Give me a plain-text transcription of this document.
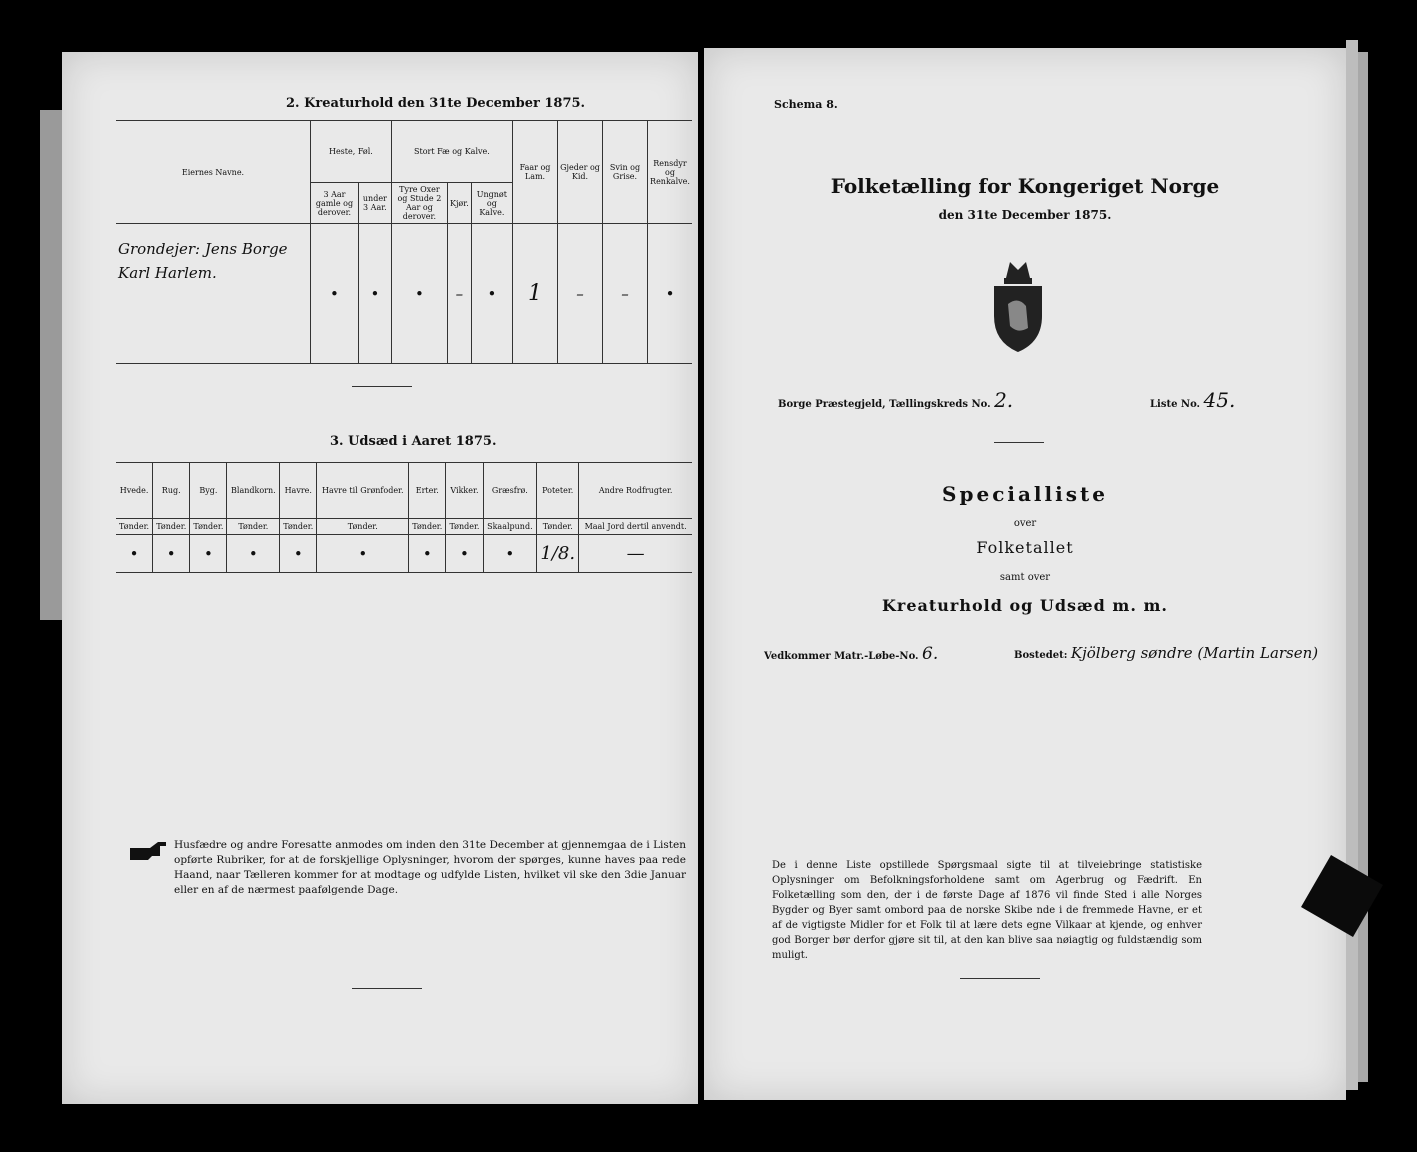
2. Kreaturhold den 31te December 1875.
Eiernes Navne.	Heste, Føl.		Stort Fæ og Kalve.			Faar og Lam.	Gjeder og Kid.	Svin og Grise.	Rensdyr og Renkalve.
	3 Aar gamle og derover.	under 3 Aar.	Tyre Oxer og Stude 2 Aar og derover.	Kjør.	Ungnøt og Kalve.				

Grondejer: Jens Borge
Karl Harlem.	•	•	•	–	•	1	–	–	•
3. Udsæd i Aaret 1875.
Hvede.	Rug.	Byg.	Blandkorn.	Havre.	Havre til Grønfoder.	Erter.	Vikker.	Græsfrø.	Poteter.	Andre Rodfrugter.
Tønder.	Tønder.	Tønder.	Tønder.	Tønder.	Tønder.	Tønder.	Tønder.	Skaalpund.	Tønder.	Maal Jord dertil anvendt.
•	•	•	•	•	•	•	•	•	1/8.	—
Husfædre og andre Foresatte anmodes om inden den 31te December at gjennemgaa de i Listen opførte Rubriker, for at de forskjellige Oplysninger, hvorom der spørges, kunne haves paa rede Haand, naar Tælleren kommer for at modtage og udfylde Listen, hvilket vil ske den 3die Januar eller en af de nærmest paafølgende Dage.
Schema 8.
Folketælling for Kongeriget Norge
den 31te December 1875.
Borge Præstegjeld, Tællingskreds No. 2.	Liste No. 45.
Specialliste
over
Folketallet
samt over
Kreaturhold og Udsæd m. m.
Vedkommer Matr.-Løbe-No. 6.	Bostedet: Kjölberg søndre (Martin Larsen)
De i denne Liste opstillede Spørgsmaal sigte til at tilveiebringe statistiske Oplysninger om Befolkningsforholdene samt om Agerbrug og Fædrift. En Folketælling som den, der i de første Dage af 1876 vil finde Sted i alle Norges Bygder og Byer samt ombord paa de norske Skibe nde i de fremmede Havne, er et af de vigtigste Midler for et Folk til at lære dets egne Vilkaar at kjende, og enhver god Borger bør derfor gjøre sit til, at den kan blive saa nøiagtig og fuldstændig som muligt.
